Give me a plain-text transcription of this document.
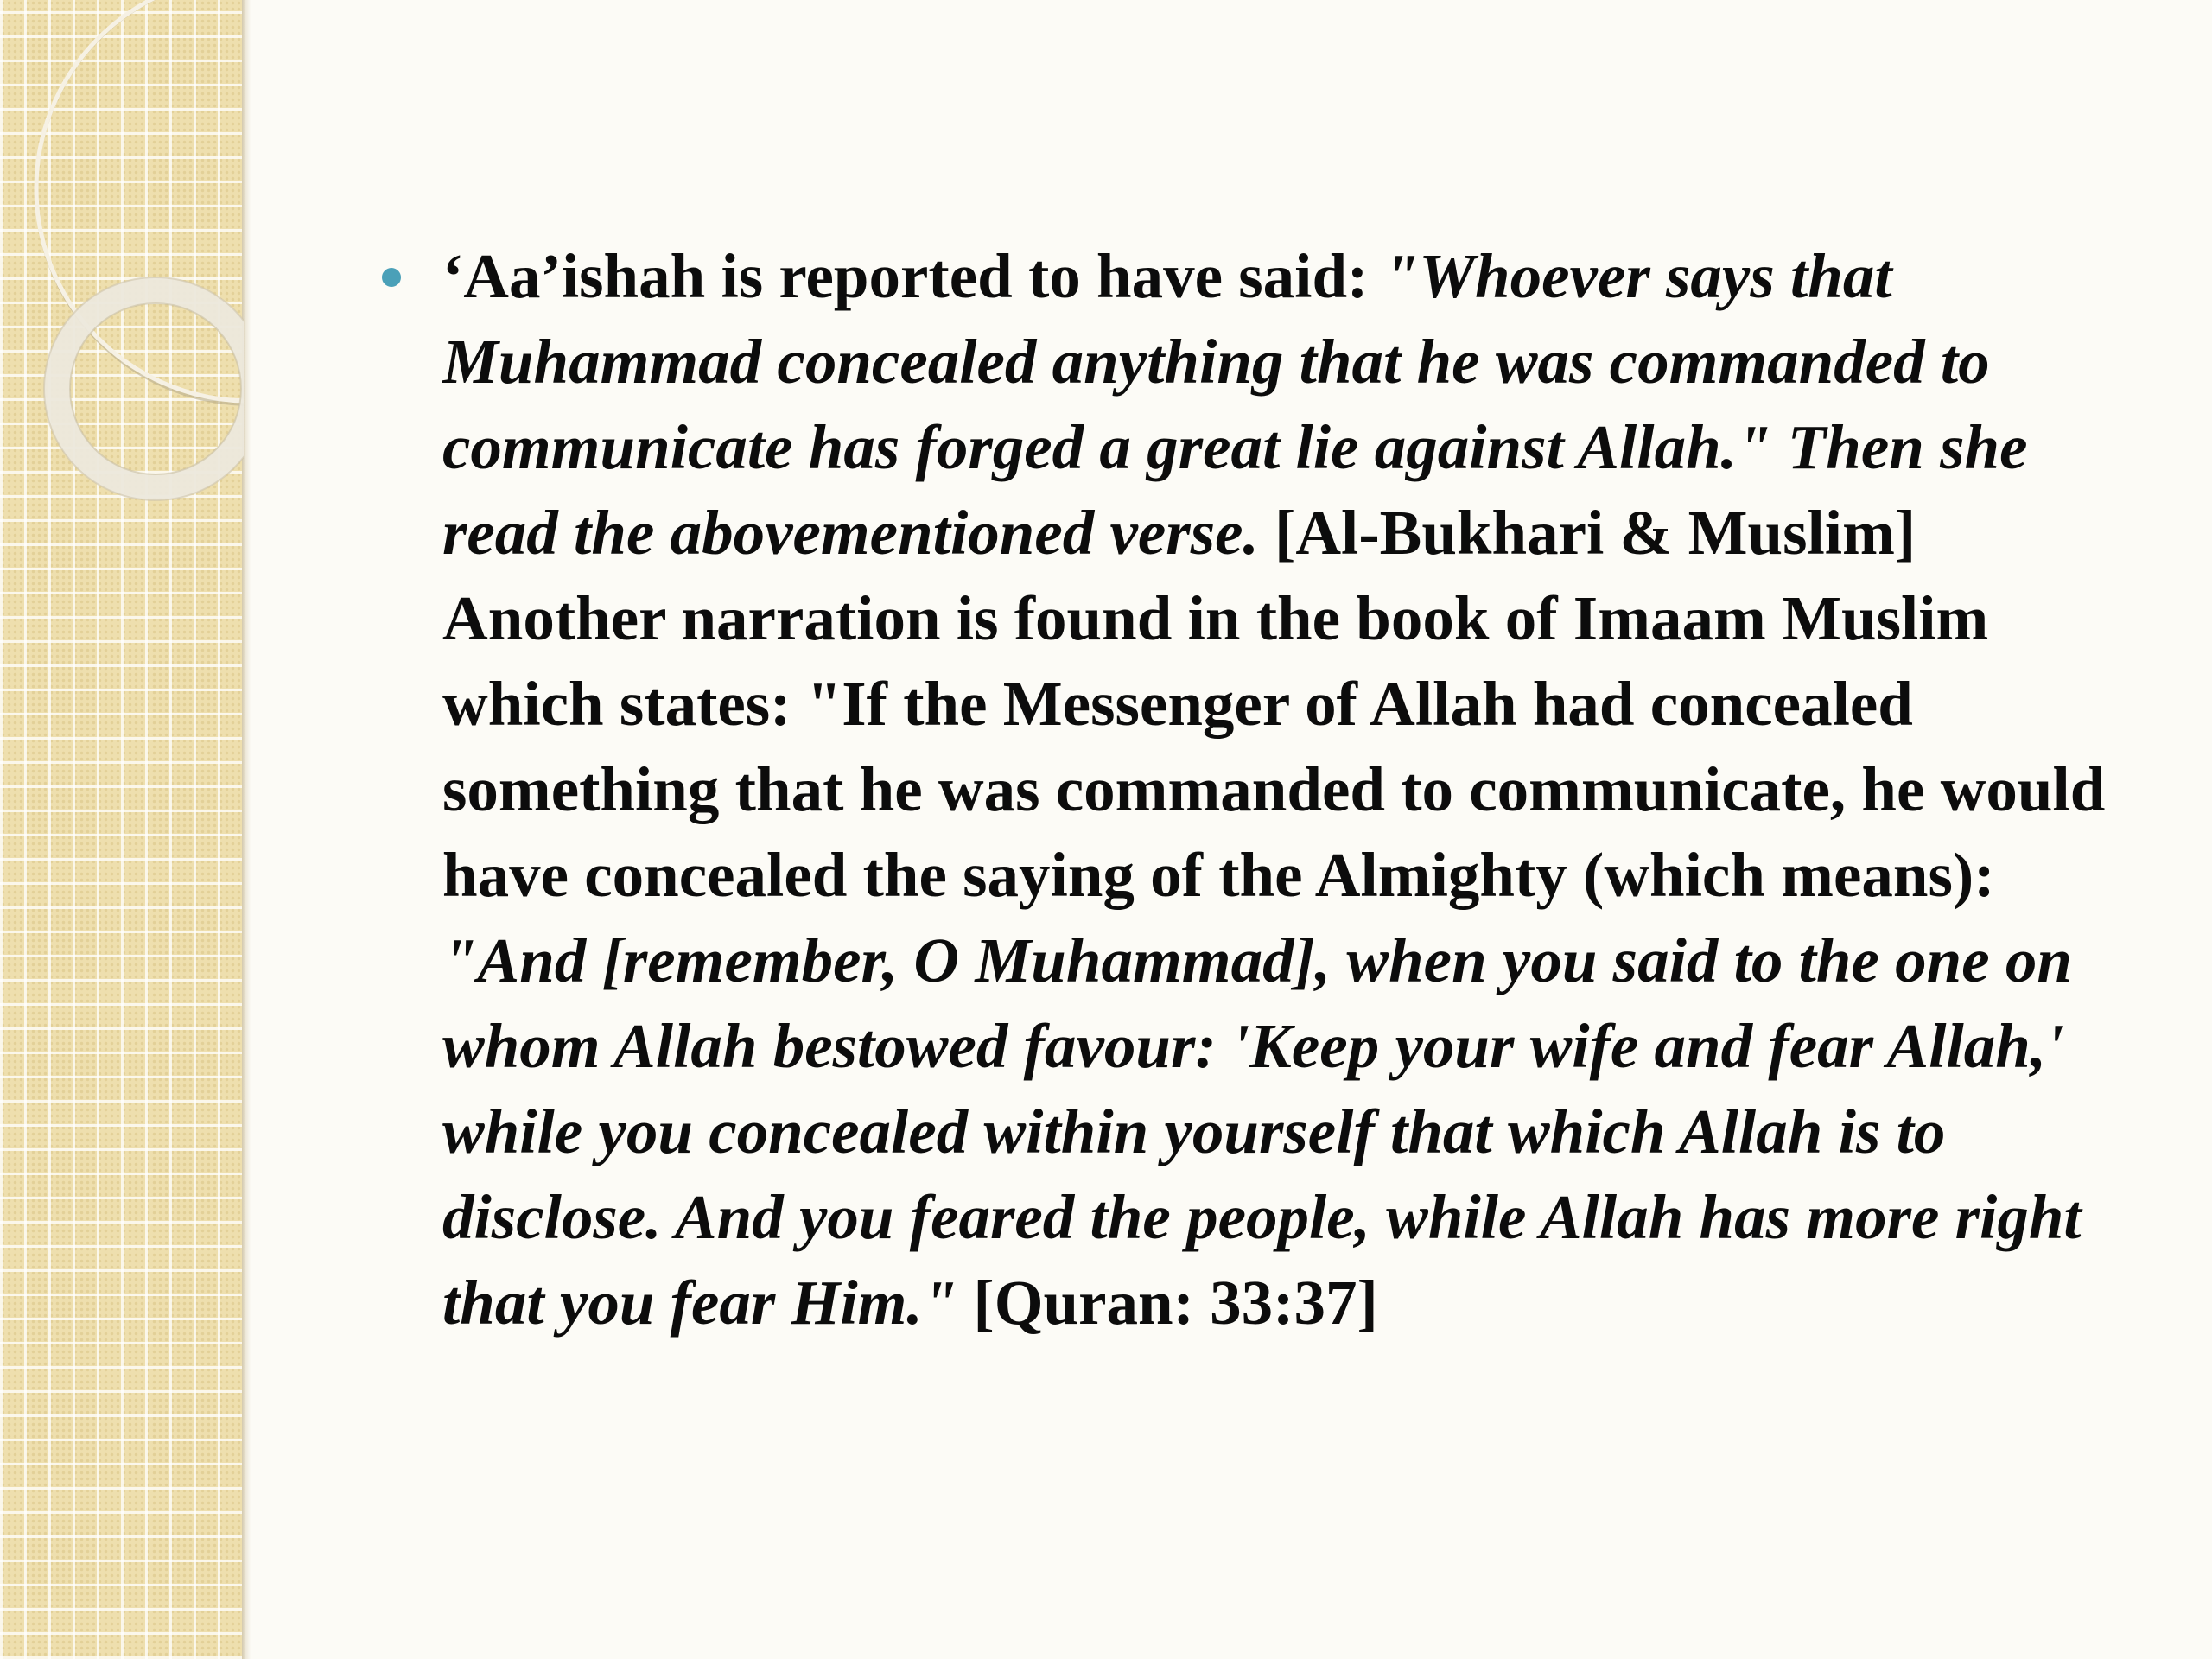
‘Aa’ishah is reported to have said: "Whoever says that Muhammad concealed anything that he was commanded to communicate has forged a great lie against Allah." Then she read the abovementioned verse. [Al-Bukhari & Muslim]
Another narration is found in the book of Imaam Muslim which states: "If the Messenger of Allah had concealed something that he was commanded to communicate, he would have concealed the saying of the Almighty (which means): "And [remember, O Muhammad], when you said to the one on whom Allah bestowed favour: 'Keep your wife and fear Allah,' while you concealed within yourself that which Allah is to disclose. And you feared the people, while Allah has more right that you fear Him." [Quran: 33:37]
